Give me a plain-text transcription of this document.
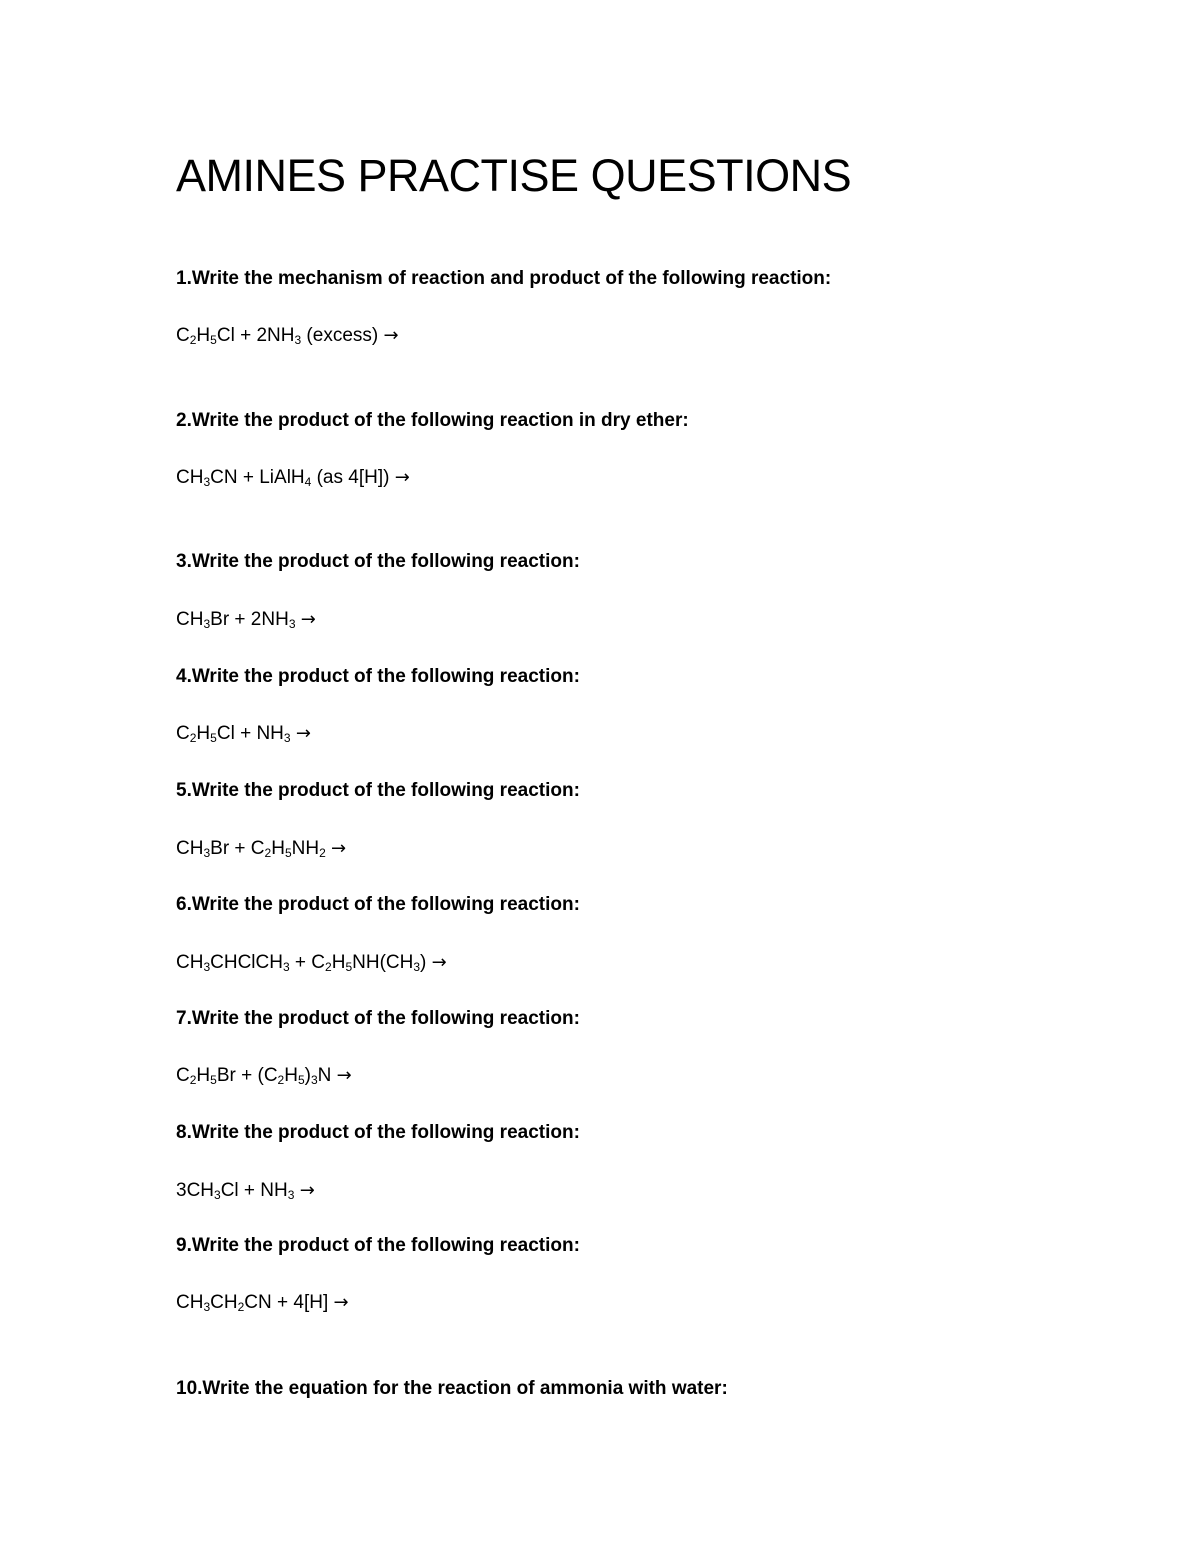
AMINES PRACTISE QUESTIONS

1.Write the mechanism of reaction and product of the following reaction:

$C_2H_5Cl + 2NH_3$ (excess) →

2.Write the product of the following reaction in dry ether:

$CH_3CN$ + LiAlH$_4$ (as 4[H]) →

3.Write the product of the following reaction:

$CH_3Br + 2NH_3$ →

4.Write the product of the following reaction:

$C_2H_5Cl + NH_3$ →

5.Write the product of the following reaction:

$CH_3Br + C_2H_5NH_2$ →

6.Write the product of the following reaction:

$CH_3CHClCH_3 + C_2H_5NH(CH_3)$ →

7.Write the product of the following reaction:

$C_2H_5Br + (C_2H_5)_3N$ →

8.Write the product of the following reaction:

$3CH_3Cl + NH_3$ →

9.Write the product of the following reaction:

$CH_3CH_2CN + 4[H]$ →

10.Write the equation for the reaction of ammonia with water:
